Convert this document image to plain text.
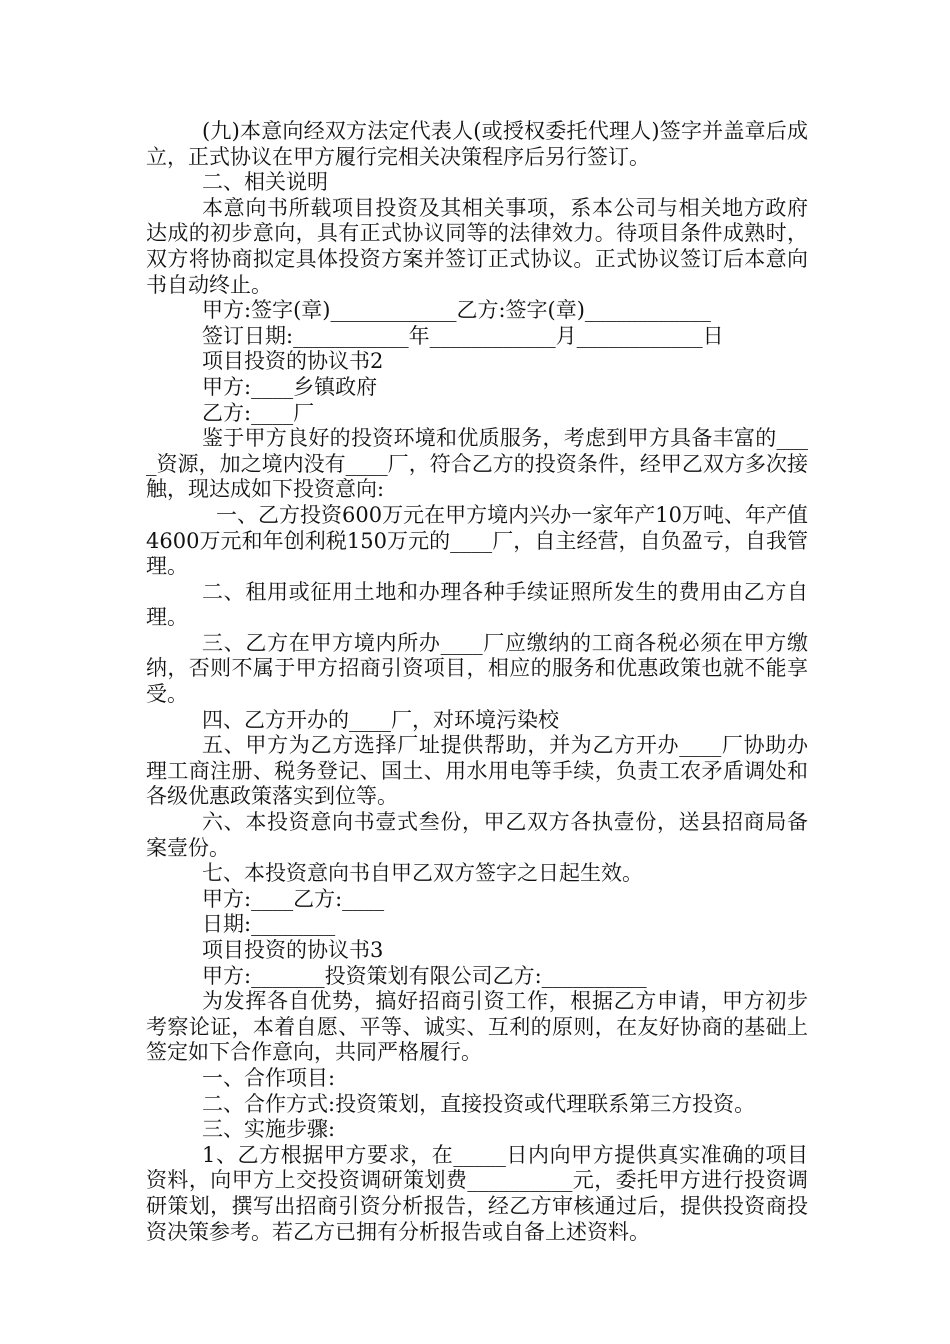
(九)本意向经双方法定代表人(或授权委托代理人)签字并盖章后成立，正式协议在甲方履行完相关决策程序后另行签订。

二、相关说明

本意向书所载项目投资及其相关事项，系本公司与相关地方政府达成的初步意向，具有正式协议同等的法律效力。待项目条件成熟时，双方将协商拟定具体投资方案并签订正式协议。正式协议签订后本意向书自动终止。

甲方:签字(章)____________乙方:签字(章)____________

签订日期:___________年____________月____________日

项目投资的协议书2

甲方:____乡镇政府

乙方:____厂

鉴于甲方良好的投资环境和优质服务，考虑到甲方具备丰富的____资源，加之境内没有____厂，符合乙方的投资条件，经甲乙双方多次接触，现达成如下投资意向:

一、乙方投资600万元在甲方境内兴办一家年产10万吨、年产值4600万元和年创利税150万元的____厂，自主经营，自负盈亏，自我管理。

二、租用或征用土地和办理各种手续证照所发生的费用由乙方自理。

三、乙方在甲方境内所办____厂应缴纳的工商各税必须在甲方缴纳，否则不属于甲方招商引资项目，相应的服务和优惠政策也就不能享受。

四、乙方开办的____厂，对环境污染校

五、甲方为乙方选择厂址提供帮助，并为乙方开办____厂协助办理工商注册、税务登记、国土、用水用电等手续，负责工农矛盾调处和各级优惠政策落实到位等。

六、本投资意向书壹式叁份，甲乙双方各执壹份，送县招商局备案壹份。

七、本投资意向书自甲乙双方签字之日起生效。

甲方:____乙方:____

日期:________

项目投资的协议书3

甲方:_______投资策划有限公司乙方:__________

为发挥各自优势，搞好招商引资工作，根据乙方申请，甲方初步考察论证，本着自愿、平等、诚实、互利的原则，在友好协商的基础上签定如下合作意向，共同严格履行。

一、合作项目:

二、合作方式:投资策划，直接投资或代理联系第三方投资。

三、实施步骤:

1、乙方根据甲方要求，在_____日内向甲方提供真实准确的项目资料，向甲方上交投资调研策划费__________元，委托甲方进行投资调研策划，撰写出招商引资分析报告，经乙方审核通过后，提供投资商投资决策参考。若乙方已拥有分析报告或自备上述资料。
